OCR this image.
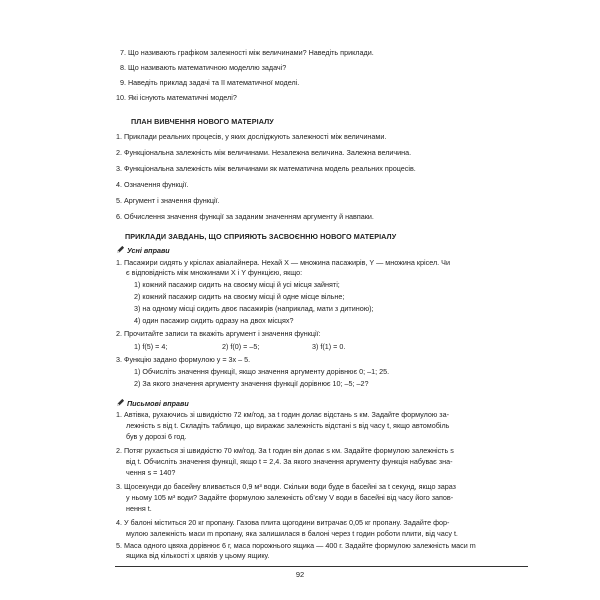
7. Що називають графіком залежності між величинами? Наведіть приклади.
8. Що називають математичною моделлю задачі?
9. Наведіть приклад задачі та її математичної моделі.
10. Які існують математичні моделі?
ПЛАН ВИВЧЕННЯ НОВОГО МАТЕРІАЛУ
1. Приклади реальних процесів, у яких досліджують залежності між величинами.
2. Функціональна залежність між величинами. Незалежна величина. Залежна величина.
3. Функціональна залежність між величинами як математична модель реальних процесів.
4. Означення функції.
5. Аргумент і значення функції.
6. Обчислення значення функції за заданим значенням аргументу й навпаки.
ПРИКЛАДИ ЗАВДАНЬ, ЩО СПРИЯЮТЬ ЗАСВОЄННЮ НОВОГО МАТЕРІАЛУ
Усні вправи
1. Пасажири сидять у кріслах авіалайнера. Нехай X — множина пасажирів, Y — множина крісел. Чи
є відповідність між множинами X і Y функцією, якщо:
1) кожний пасажир сидить на своєму місці й усі місця зайняті;
2) кожний пасажир сидить на своєму місці й одне місце вільне;
3) на одному місці сидить двоє пасажирів (наприклад, мати з дитиною);
4) один пасажир сидить одразу на двох місцях?
2. Прочитайте записи та вкажіть аргумент і значення функції:
1) f(5) = 4;	2) f(0) = –5;	3) f(1) = 0.
3. Функцію задано формулою y = 3x – 5.
1) Обчисліть значення функції, якщо значення аргументу дорівнює 0; –1; 25.
2) За якого значення аргументу значення функції дорівнює 10; –5; –2?
Письмові вправи
1. Автівка, рухаючись зі швидкістю 72 км/год, за t годин долає відстань s км. Задайте формулою за-
лежність s від t. Складіть таблицю, що виражає залежність відстані s від часу t, якщо автомобіль
був у дорозі 6 год.
2. Потяг рухається зі швидкістю 70 км/год. За t годин він долає s км. Задайте формулою залежність s
від t. Обчисліть значення функції, якщо t = 2,4. За якого значення аргументу функція набуває зна-
чення s = 140?
3. Щосекунди до басейну вливається 0,9 м³ води. Скільки води буде в басейні за t секунд, якщо зараз
у ньому 105 м³ води? Задайте формулою залежність об’єму V води в басейні від часу його запов-
нення t.
4. У балоні міститься 20 кг пропану. Газова плита щогодини витрачає 0,05 кг пропану. Задайте фор-
мулою залежність маси m пропану, яка залишилася в балоні через t годин роботи плити, від часу t.
5. Маса одного цвяха дорівнює 6 г, маса порожнього ящика — 400 г. Задайте формулою залежність маси m
ящика від кількості x цвяхів у цьому ящику.
92
